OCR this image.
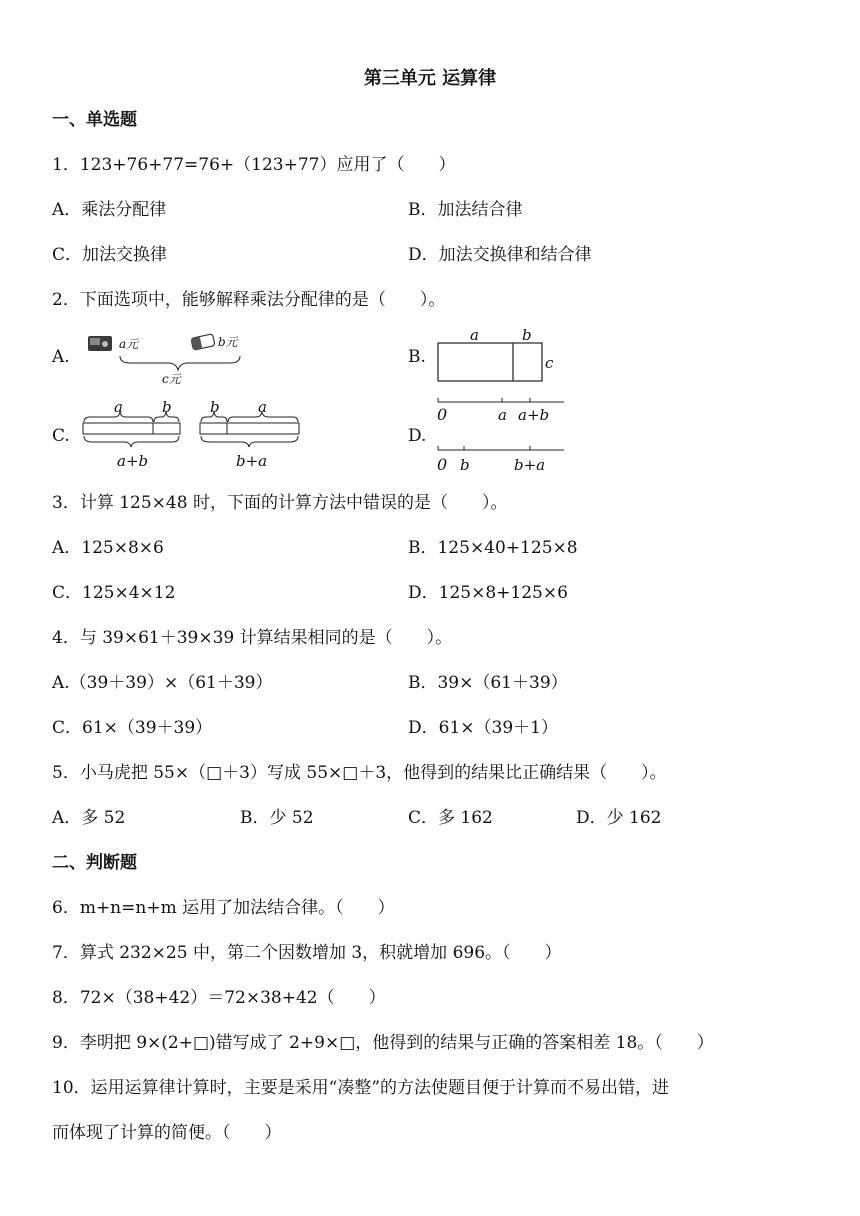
第三单元 运算律
一、单选题
1．123+76+77=76+（123+77）应用了（　　）
A．乘法分配律	B．加法结合律
C．加法交换律	D．加法交换律和结合律
2．下面选项中，能够解释乘法分配律的是（　　）。
A.	B.
C.	D.
a元	b元
c元
a	b
c
a	b
a+b
b	a
b+a
0	a a+b
0 b	b+a
3．计算 125×48 时，下面的计算方法中错误的是（　　）。
A．125×8×6	B．125×40+125×8
C．125×4×12	D．125×8+125×6
4．与 39×61＋39×39 计算结果相同的是（　　）。
A.（39＋39）×（61＋39）	B．39×（61＋39）
C．61×（39＋39）	D．61×（39＋1）
5．小马虎把 55×（□＋3）写成 55×□＋3，他得到的结果比正确结果（　　）。
A．多 52	B．少 52	C．多 162	D．少 162
二、判断题
6．m+n=n+m 运用了加法结合律。（　　）
7．算式 232×25 中，第二个因数增加 3，积就增加 696。（　　）
8．72×（38+42）＝72×38+42（　　）
9．李明把 9×(2+□)错写成了 2+9×□，他得到的结果与正确的答案相差 18。（　　）
10．运用运算律计算时，主要是采用“凑整”的方法使题目便于计算而不易出错，进
而体现了计算的简便。（　　）
